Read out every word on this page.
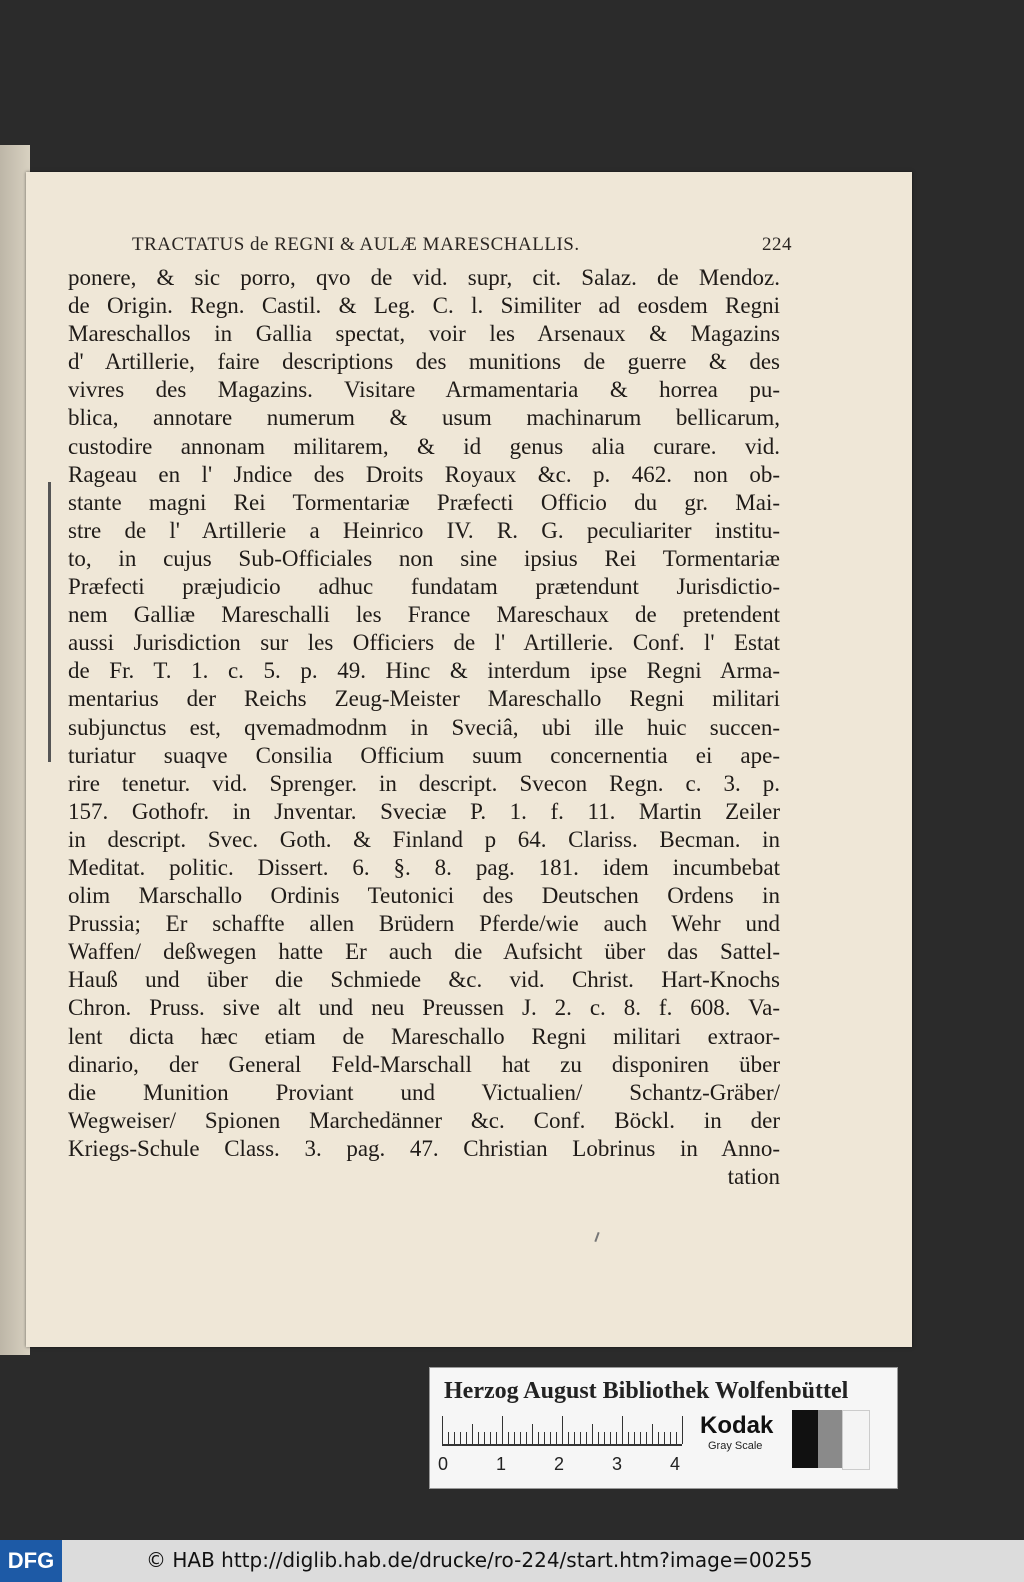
TRACTATUS de REGNI & AULÆ MARESCHALLIS.	224
ponere, & sic porro, qvo de vid. supr, cit. Salaz. de Mendoz.
de Origin. Regn. Castil. & Leg. C. l. Similiter ad eosdem Regni
Mareschallos in Gallia spectat, voir les Arsenaux & Magazins
d' Artillerie, faire descriptions des munitions de guerre & des
vivres des Magazins. Visitare Armamentaria & horrea pu-
blica, annotare numerum & usum machinarum bellicarum,
custodire annonam militarem, & id genus alia curare. vid.
Rageau en l' Jndice des Droits Royaux &c. p. 462. non ob-
stante magni Rei Tormentariæ Præfecti Officio du gr. Mai-
stre de l' Artillerie a Heinrico IV. R. G. peculiariter institu-
to, in cujus Sub-Officiales non sine ipsius Rei Tormentariæ
Præfecti præjudicio adhuc fundatam prætendunt Jurisdictio-
nem Galliæ Mareschalli les France Mareschaux de pretendent
aussi Jurisdiction sur les Officiers de l' Artillerie. Conf. l' Estat
de Fr. T. 1. c. 5. p. 49. Hinc & interdum ipse Regni Arma-
mentarius der Reichs Zeug-Meister Mareschallo Regni militari
subjunctus est, qvemadmodnm in Sveciâ, ubi ille huic succen-
turiatur suaqve Consilia Officium suum concernentia ei ape-
rire tenetur. vid. Sprenger. in descript. Svecon Regn. c. 3. p.
157. Gothofr. in Jnventar. Sveciæ P. 1. f. 11. Martin Zeiler
in descript. Svec. Goth. & Finland p 64. Clariss. Becman. in
Meditat. politic. Dissert. 6. §. 8. pag. 181. idem incumbebat
olim Marschallo Ordinis Teutonici des Deutschen Ordens in
Prussia; Er schaffte allen Brüdern Pferde/wie auch Wehr und
Waffen/ deßwegen hatte Er auch die Aufsicht über das Sattel-
Hauß und über die Schmiede &c. vid. Christ. Hart-Knochs
Chron. Pruss. sive alt und neu Preussen J. 2. c. 8. f. 608. Va-
lent dicta hæc etiam de Mareschallo Regni militari extraor-
dinario, der General Feld-Marschall hat zu disponiren über
die Munition Proviant und Victualien/ Schantz-Gräber/
Wegweiser/ Spionen Marchedänner &c. Conf. Böckl. in der
Kriegs-Schule Class. 3. pag. 47. Christian Lobrinus in Anno-
tation
Herzog August Bibliothek Wolfenbüttel
0	1	2	3	4
Kodak
Gray Scale
DFG	© HAB http://diglib.hab.de/drucke/ro-224/start.htm?image=00255
